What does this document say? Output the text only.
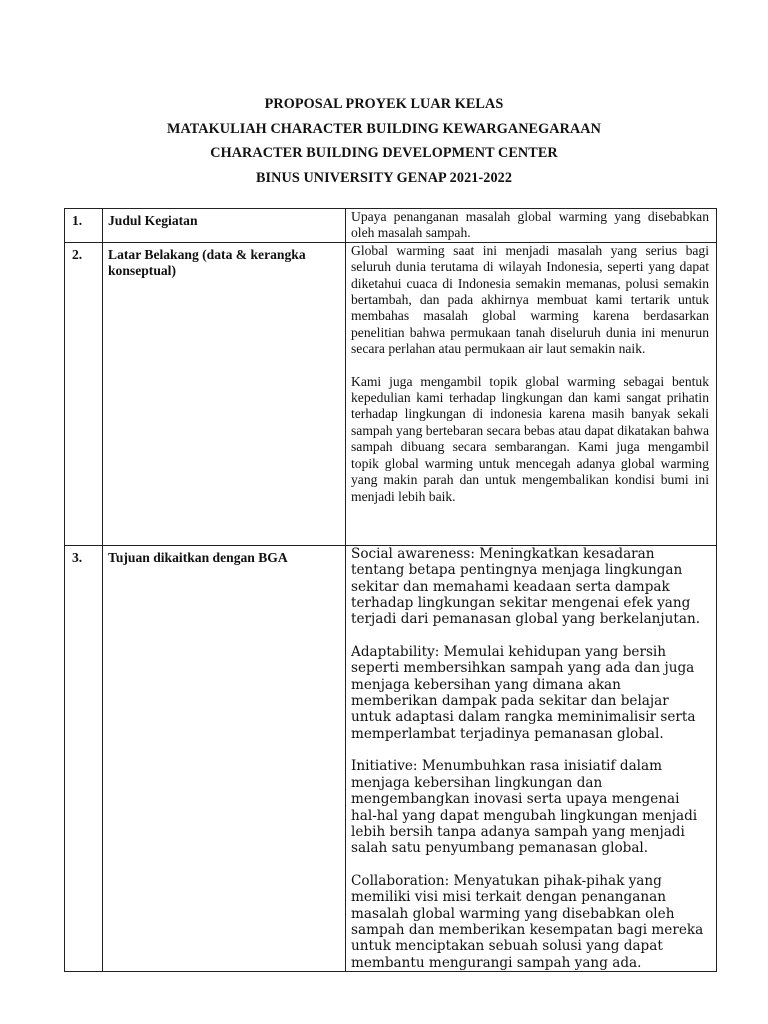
PROPOSAL PROYEK LUAR KELAS
MATAKULIAH CHARACTER BUILDING KEWARGANEGARAAN
CHARACTER BUILDING DEVELOPMENT CENTER
BINUS UNIVERSITY GENAP 2021-2022
1.	Judul Kegiatan	Upaya penanganan masalah global warming yang disebabkan oleh masalah sampah.

2.	Latar Belakang (data & kerangka konseptual)	Global warming saat ini menjadi masalah yang serius bagi seluruh dunia terutama di wilayah Indonesia, seperti yang dapat diketahui cuaca di Indonesia semakin memanas, polusi semakin bertambah, dan pada akhirnya membuat kami tertarik untuk membahas masalah global warming karena berdasarkan penelitian bahwa permukaan tanah diseluruh dunia ini menurun secara perlahan atau permukaan air laut semakin naik.

Kami juga mengambil topik global warming sebagai bentuk kepedulian kami terhadap lingkungan dan kami sangat prihatin terhadap lingkungan di indonesia karena masih banyak sekali sampah yang bertebaran secara bebas atau dapat dikatakan bahwa sampah dibuang secara sembarangan. Kami juga mengambil topik global warming untuk mencegah adanya global warming yang makin parah dan untuk mengembalikan kondisi bumi ini menjadi lebih baik.

3.	Tujuan dikaitkan dengan BGA	Social awareness: Meningkatkan kesadaran tentang betapa pentingnya menjaga lingkungan sekitar dan memahami keadaan serta dampak terhadap lingkungan sekitar mengenai efek yang terjadi dari pemanasan global yang berkelanjutan.

Adaptability: Memulai kehidupan yang bersih seperti membersihkan sampah yang ada dan juga menjaga kebersihan yang dimana akan memberikan dampak pada sekitar dan belajar untuk adaptasi dalam rangka meminimalisir serta memperlambat terjadinya pemanasan global.

Initiative: Menumbuhkan rasa inisiatif dalam menjaga kebersihan lingkungan dan mengembangkan inovasi serta upaya mengenai hal-hal yang dapat mengubah lingkungan menjadi lebih bersih tanpa adanya sampah yang menjadi salah satu penyumbang pemanasan global.

Collaboration: Menyatukan pihak-pihak yang memiliki visi misi terkait dengan penanganan masalah global warming yang disebabkan oleh sampah dan memberikan kesempatan bagi mereka untuk menciptakan sebuah solusi yang dapat membantu mengurangi sampah yang ada.
